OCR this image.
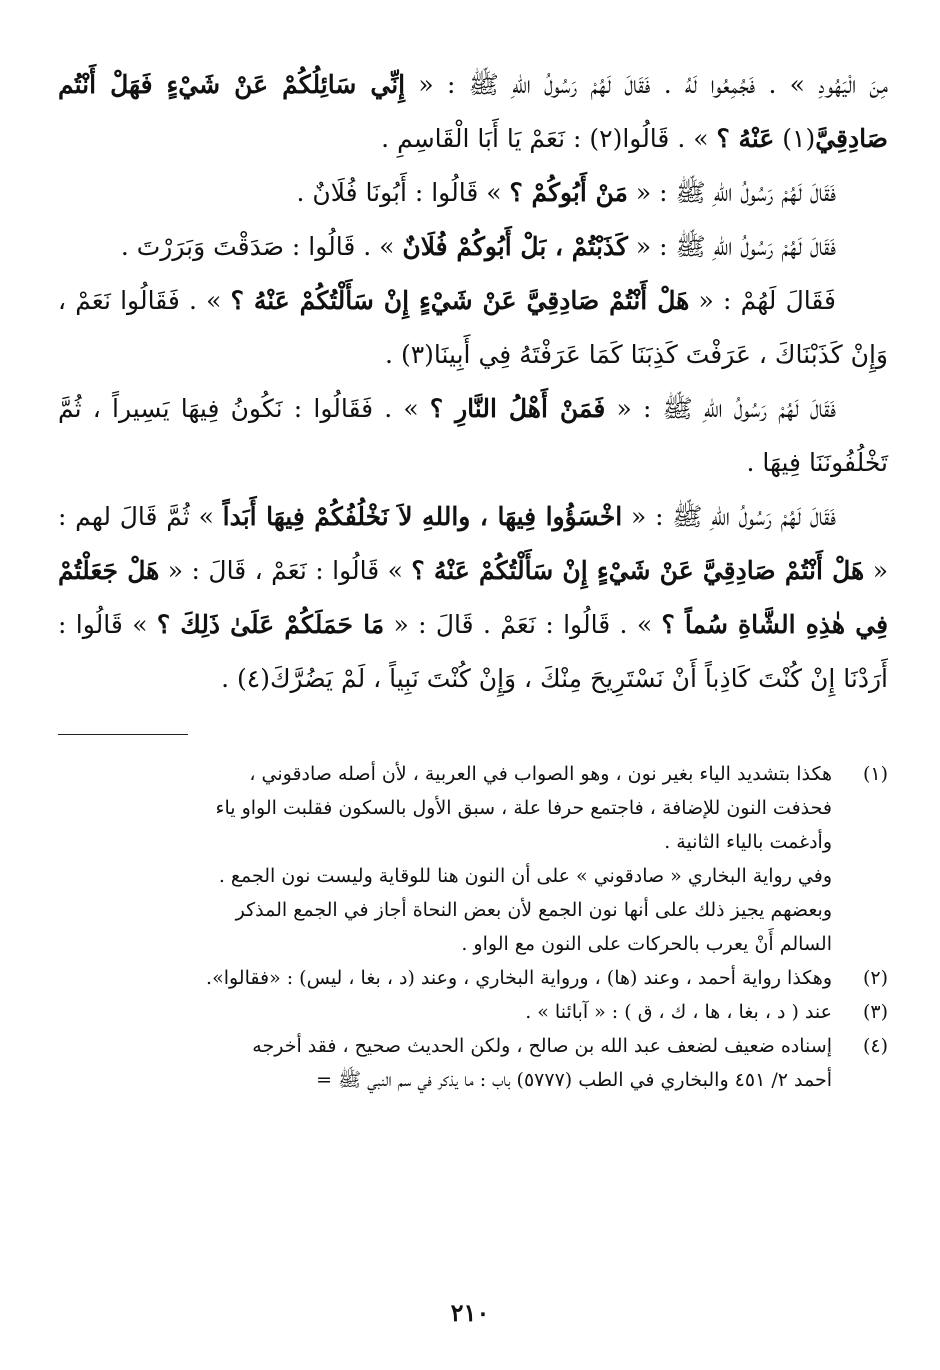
مِنَ الْيَهُودِ » . فَجُمِعُوا لَهُ . فَقَالَ لَهُمْ رَسُولُ اللهِ ﷺ : « إِنِّي سَائِلُكُمْ عَنْ شَيْءٍ فَهَلْ أَنْتُم صَادِقِيَّ(١) عَنْهُ ؟ » . قَالُوا(٢) : نَعَمْ يَا أَبَا الْقَاسِمِ .

فَقَالَ لَهُمْ رَسُولُ اللهِ ﷺ : « مَنْ أَبُوكُمْ ؟ » قَالُوا : أَبُونَا فُلَانٌ .

فَقَالَ لَهُمْ رَسُولُ اللهِ ﷺ : « كَذَبْتُمْ ، بَلْ أَبُوكُمْ فُلَانٌ » . قَالُوا : صَدَقْتَ وَبَرَرْتَ .

فَقَالَ لَهُمْ : « هَلْ أَنْتُمْ صَادِقِيَّ عَنْ شَيْءٍ إِنْ سَأَلْتُكُمْ عَنْهُ ؟ » . فَقَالُوا نَعَمْ ، وَإِنْ كَذَبْنَاكَ ، عَرَفْتَ كَذِبَنَا كَمَا عَرَفْتَهُ فِي أَبِينَا(٣) .

فَقَالَ لَهُمْ رَسُولُ اللهِ ﷺ : « فَمَنْ أَهْلُ النَّارِ ؟ » . فَقَالُوا : نَكُونُ فِيهَا يَسِيراً ، ثُمَّ تَخْلُفُونَنَا فِيهَا .

فَقَالَ لَهُمْ رَسُولُ اللهِ ﷺ : « اخْسَؤُوا فِيهَا ، واللهِ لاَ نَخْلُفُكُمْ فِيهَا أَبَداً » ثُمَّ قَالَ لهم : « هَلْ أَنْتُمْ صَادِقِيَّ عَنْ شَيْءٍ إِنْ سَأَلْتُكُمْ عَنْهُ ؟ » قَالُوا : نَعَمْ ، قَالَ : « هَلْ جَعَلْتُمْ فِي هٰذِهِ الشَّاةِ سُماً ؟ » . قَالُوا : نَعَمْ . قَالَ : « مَا حَمَلَكُمْ عَلَىٰ ذَلِكَ ؟ » قَالُوا : أَرَدْنَا إِنْ كُنْتَ كَاذِباً أَنْ نَسْتَرِيحَ مِنْكَ ، وَإِنْ كُنْتَ نَبِياً ، لَمْ يَضُرَّكَ(٤) .

(١)
هكذا بتشديد الياء بغير نون ، وهو الصواب في العربية ، لأن أصله صادقوني ،
فحذفت النون للإضافة ، فاجتمع حرفا علة ، سبق الأول بالسكون فقلبت الواو ياء
وأدغمت بالياء الثانية .
وفي رواية البخاري « صادقوني » على أن النون هنا للوقاية وليست نون الجمع .
وبعضهم يجيز ذلك على أنها نون الجمع لأن بعض النحاة أجاز في الجمع المذكر
السالم أَنْ يعرب بالحركات على النون مع الواو .
(٢)
وهكذا رواية أحمد ، وعند (ها) ، ورواية البخاري ، وعند (د ، بغا ، ليس) : «فقالوا».
(٣)
عند ( د ، بغا ، ها ، ك ، ق ) : « آبائنا » .
(٤)
إسناده ضعيف لضعف عبد الله بن صالح ، ولكن الحديث صحيح ، فقد أخرجه
أحمد ٢/ ٤٥١ والبخاري في الطب (٥٧٧٧) باب : ما يذكر في سم النبي ﷺ =
٢١٠
